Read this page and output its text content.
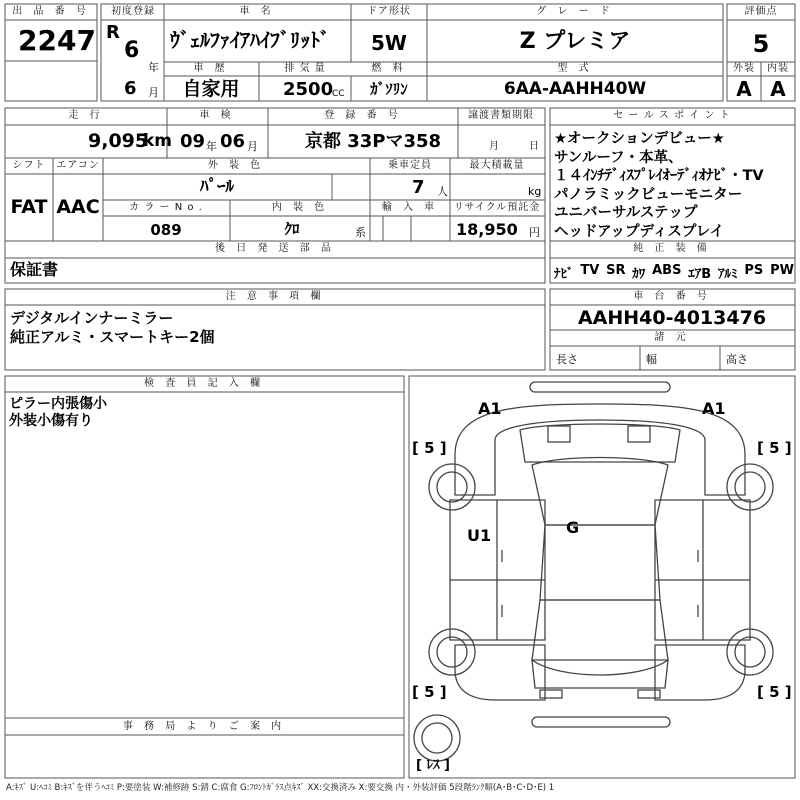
出 品 番 号
2247
初度登録
R
6
年
6 月
車 名
ｳﾞｪﾙﾌｧｲｱﾊｲﾌﾞﾘｯﾄﾞ
ドア形状
5W
グ レ ー ド
Z プレミア
評価点
5
車 歴
自家用
排 気 量
2500
CC
燃 料
ｶﾞｿﾘﾝ
型 式
6AA-AAHH40W
外装 内装
A A
走 行
9,095
km
車 検
09 年 06 月
登 録 番 号
京都 33Pマ358
譲渡書類期限
月	日
シフト
FAT
エアコン
AAC
外 装 色
ﾊﾟｰﾙ
乗車定員
7 人
最大積載量
kg
カ ラ ー N o .
089
内 装 色
ｸﾛ	系
輸 入 車 リサイクル預託金
18,950 円
後 日 発 送 部 品
保証書
セ ー ル ス ポ イ ン ト
★オークションデビュー★
サンルーフ・本革、
１４ｲﾝﾁﾃﾞｨｽﾌﾟﾚｲｵｰﾃﾞｨｵﾅﾋﾞ・TV
パノラミックビューモニター
ユニバーサルステップ
ヘッドアップディスプレイ
純 正 装 備
ﾅﾋﾞ TV SR ｶﾜ ABS ｴｱB ｱﾙﾐ PS PW
注 意 事 項 欄
デジタルインナーミラー
純正アルミ・スマートキー2個
車 台 番 号
AAHH40-4013476
諸 元
長さ	幅	高さ
検 査 員 記 入 欄
ピラー内張傷小
外装小傷有り
事 務 局 よ り ご 案 内
A1	A1
U1	G
[ 5 ]	[ 5 ]
[ 5 ]	[ 5 ]
[ ﾚｽ ]
A:ｷｽﾞ U:ﾍｺﾐ B:ｷｽﾞを伴うﾍｺﾐ P:要塗装 W:補修跡 S:錆 C:腐食 G:ﾌﾛﾝﾄｶﾞﾗｽ点ｷｽﾞ XX:交換済み X:要交換 内・外装評価 5段階ﾗﾝｸ順(A･B･C･D･E) 1
